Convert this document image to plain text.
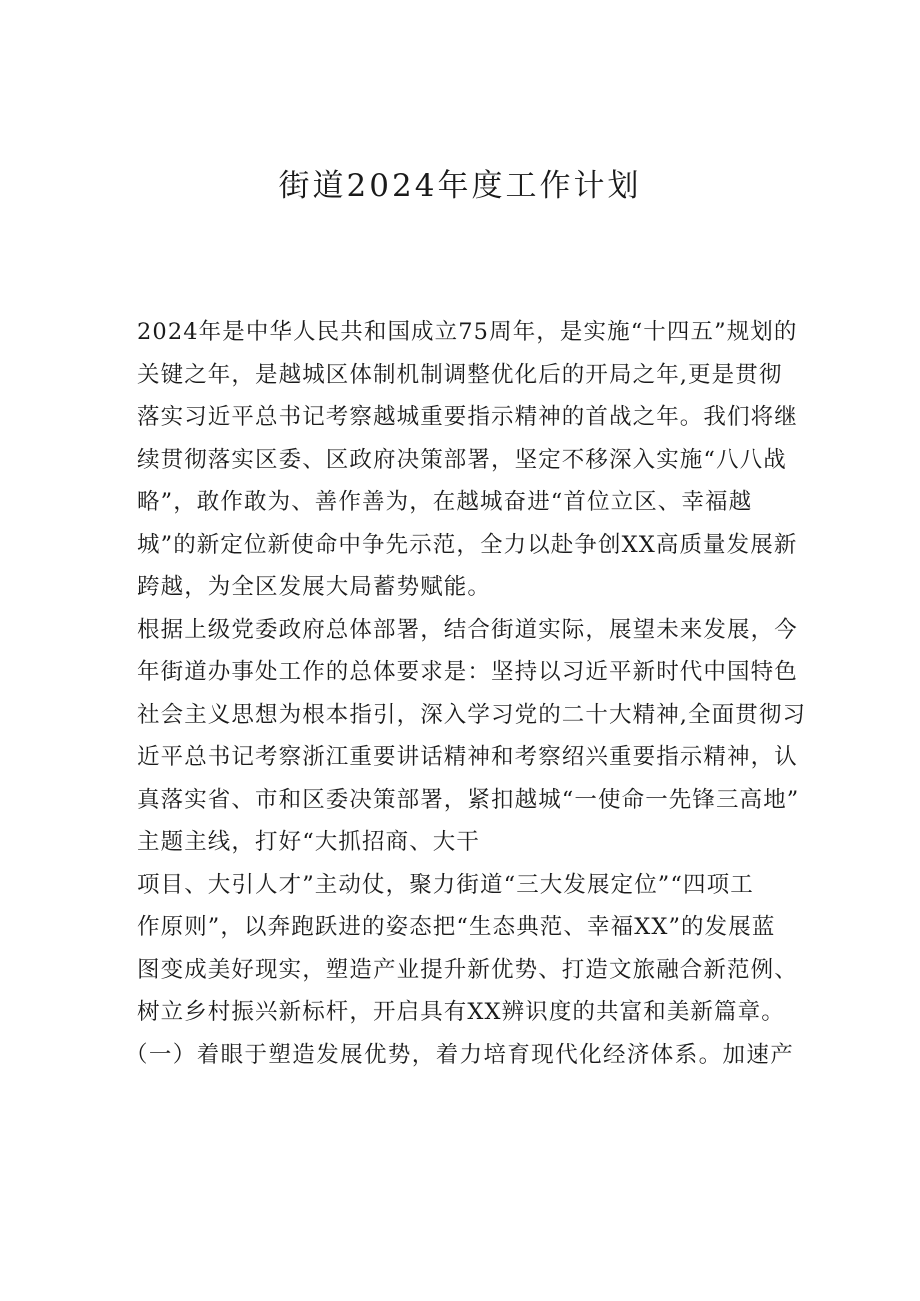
街道2024年度工作计划
2024年是中华人民共和国成立75周年，是实施“十四五”规划的
关键之年，是越城区体制机制调整优化后的开局之年,更是贯彻
落实习近平总书记考察越城重要指示精神的首战之年。我们将继
续贯彻落实区委、区政府决策部署，坚定不移深入实施“八八战
略”，敢作敢为、善作善为，在越城奋进“首位立区、幸福越
城”的新定位新使命中争先示范，全力以赴争创XX高质量发展新
跨越，为全区发展大局蓄势赋能。
根据上级党委政府总体部署，结合街道实际，展望未来发展，今
年街道办事处工作的总体要求是：坚持以习近平新时代中国特色
社会主义思想为根本指引，深入学习党的二十大精神,全面贯彻习
近平总书记考察浙江重要讲话精神和考察绍兴重要指示精神，认
真落实省、市和区委决策部署，紧扣越城“一使命一先锋三高地”
主题主线，打好“大抓招商、大干
项目、大引人才”主动仗，聚力街道“三大发展定位”“四项工
作原则”，以奔跑跃进的姿态把“生态典范、幸福XX”的发展蓝
图变成美好现实，塑造产业提升新优势、打造文旅融合新范例、
树立乡村振兴新标杆，开启具有XX辨识度的共富和美新篇章。
（一）着眼于塑造发展优势，着力培育现代化经济体系。加速产
